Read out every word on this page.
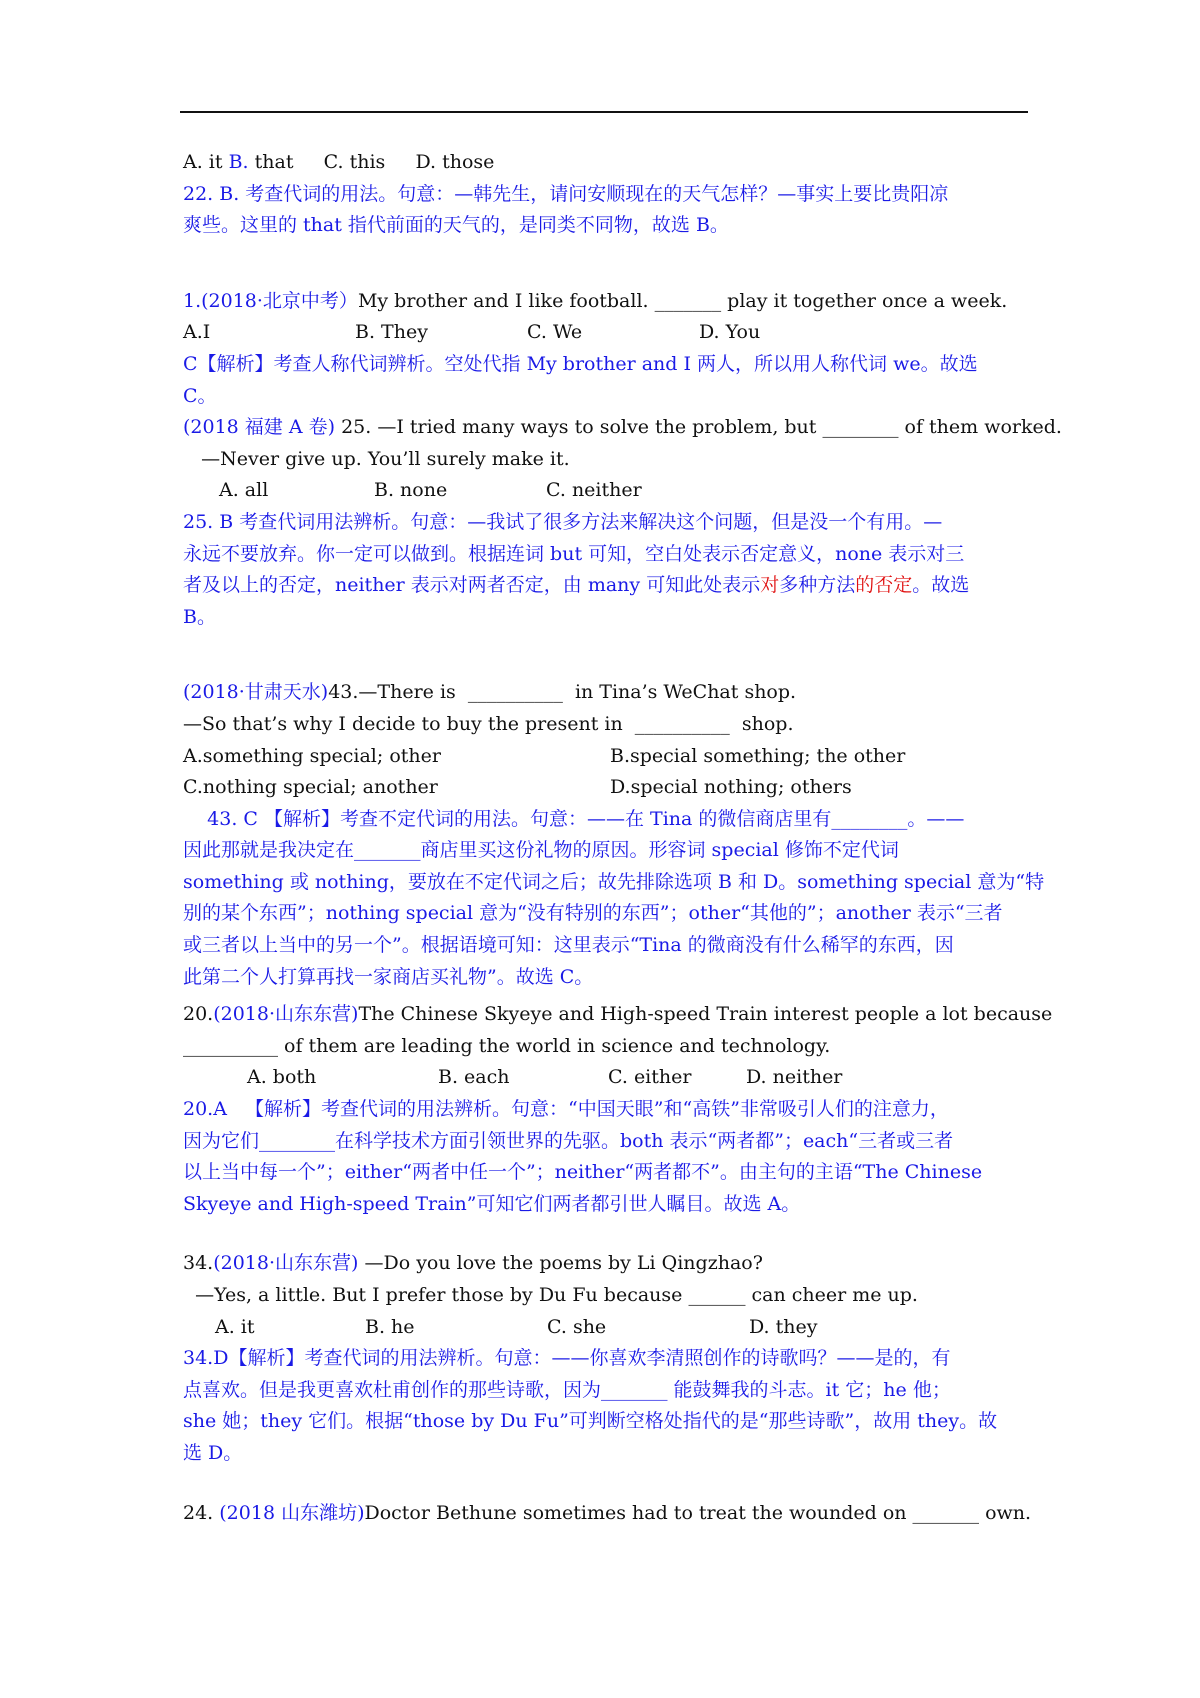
A. it B. that     C. this     D. those
22. B. 考查代词的用法。句意：—韩先生，请问安顺现在的天气怎样？—事实上要比贵阳凉
爽些。这里的 that 指代前面的天气的，是同类不同物，故选 B。
1.(2018·北京中考）My brother and I like football. _______ play it together once a week.
A.I	B. They	C. We	D. You
C【解析】考查人称代词辨析。空处代指 My brother and I 两人，所以用人称代词 we。故选
C。
(2018 福建 A 卷) 25. —I tried many ways to solve the problem, but ________ of them worked.
—Never give up. You’ll surely make it.
A. all	B. none	C. neither
25. B 考查代词用法辨析。句意：—我试了很多方法来解决这个问题，但是没一个有用。—
永远不要放弃。你一定可以做到。根据连词 but 可知，空白处表示否定意义，none 表示对三
者及以上的否定，neither 表示对两者否定，由 many 可知此处表示对多种方法的否定。故选
B。
(2018·甘肃天水)43.—There is  __________  in Tina’s WeChat shop.
—So that’s why I decide to buy the present in  __________  shop.
A.something special; other	B.special something; the other
C.nothing special; another	D.special nothing; others
43. C 【解析】考查不定代词的用法。句意：——在 Tina 的微信商店里有________。——
因此那就是我决定在_______商店里买这份礼物的原因。形容词 special 修饰不定代词
something 或 nothing，要放在不定代词之后；故先排除选项 B 和 D。something special 意为“特
别的某个东西”；nothing special 意为“没有特别的东西”；other“其他的”；another 表示“三者
或三者以上当中的另一个”。根据语境可知：这里表示“Tina 的微商没有什么稀罕的东西，因
此第二个人打算再找一家商店买礼物”。故选 C。
20.(2018·山东东营)The Chinese Skyeye and High-speed Train interest people a lot because
__________ of them are leading the world in science and technology.
A. both	B. each	C. either	D. neither
20.A   【解析】考查代词的用法辨析。句意：“中国天眼”和“高铁”非常吸引人们的注意力，
因为它们________在科学技术方面引领世界的先驱。both 表示“两者都”；each“三者或三者
以上当中每一个”；either“两者中任一个”；neither“两者都不”。由主句的主语“The Chinese
Skyeye and High-speed Train”可知它们两者都引世人瞩目。故选 A。
34.(2018·山东东营) —Do you love the poems by Li Qingzhao?
—Yes, a little. But I prefer those by Du Fu because ______ can cheer me up.
A. it	B. he	C. she	D. they
34.D【解析】考查代词的用法辨析。句意：——你喜欢李清照创作的诗歌吗？——是的，有
点喜欢。但是我更喜欢杜甫创作的那些诗歌，因为_______ 能鼓舞我的斗志。it 它；he 他；
she 她；they 它们。根据“those by Du Fu”可判断空格处指代的是“那些诗歌”，故用 they。故
选 D。
24. (2018 山东潍坊)Doctor Bethune sometimes had to treat the wounded on _______ own.
